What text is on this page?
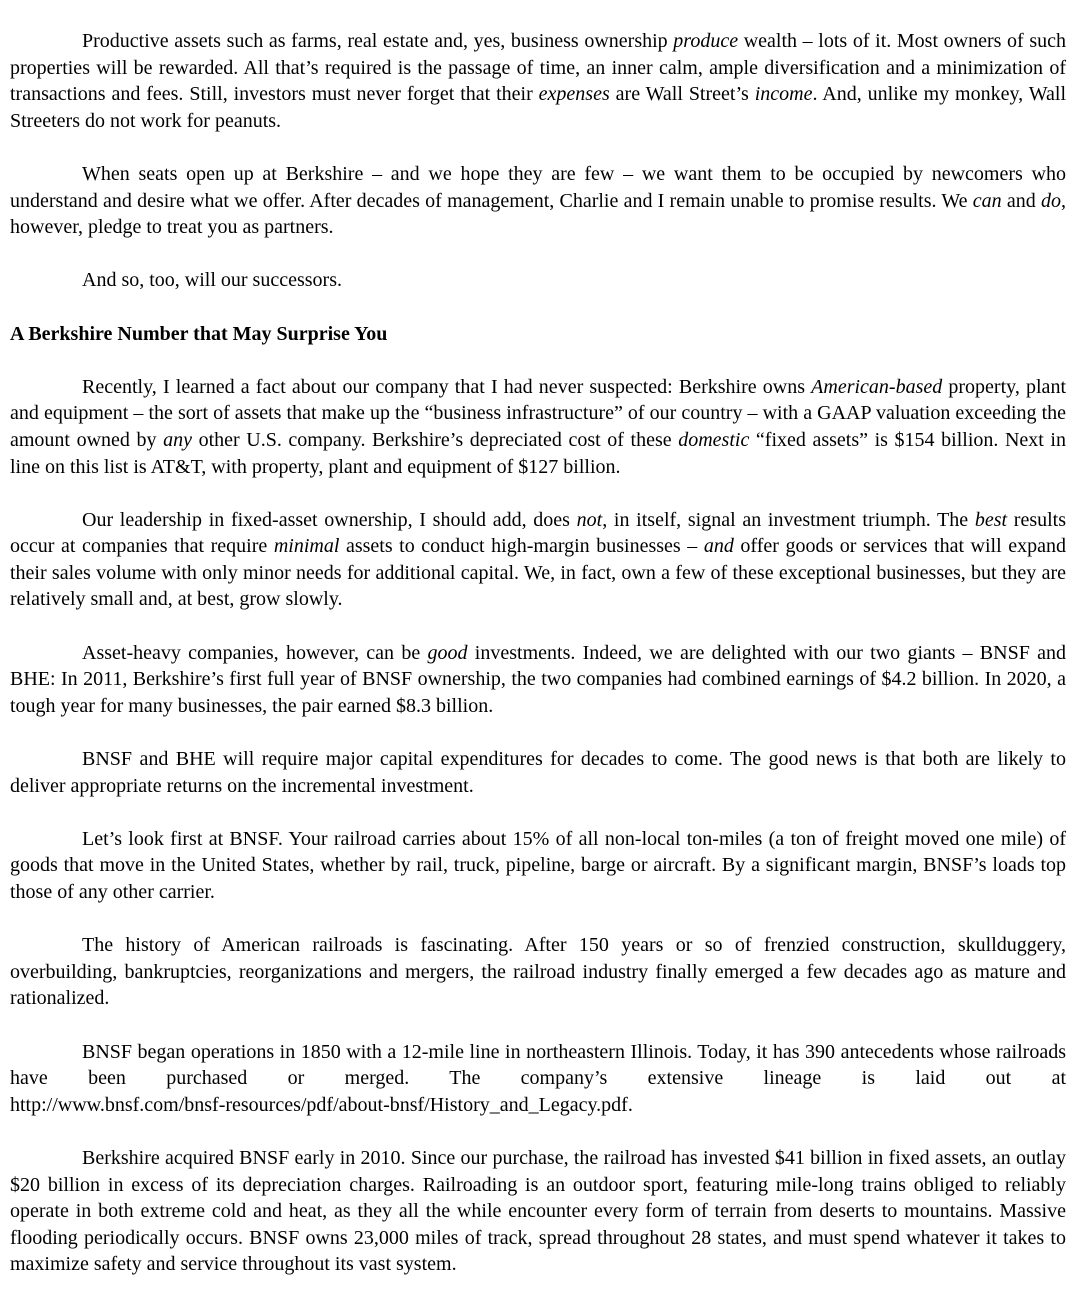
Productive assets such as farms, real estate and, yes, business ownership produce wealth – lots of it. Most owners of such properties will be rewarded. All that’s required is the passage of time, an inner calm, ample diversification and a minimization of transactions and fees. Still, investors must never forget that their expenses are Wall Street’s income. And, unlike my monkey, Wall Streeters do not work for peanuts.

When seats open up at Berkshire – and we hope they are few – we want them to be occupied by newcomers who understand and desire what we offer. After decades of management, Charlie and I remain unable to promise results. We can and do, however, pledge to treat you as partners.

And so, too, will our successors.

A Berkshire Number that May Surprise You

Recently, I learned a fact about our company that I had never suspected: Berkshire owns American-based property, plant and equipment – the sort of assets that make up the “business infrastructure” of our country – with a GAAP valuation exceeding the amount owned by any other U.S. company. Berkshire’s depreciated cost of these domestic “fixed assets” is $154 billion. Next in line on this list is AT&T, with property, plant and equipment of $127 billion.

Our leadership in fixed-asset ownership, I should add, does not, in itself, signal an investment triumph. The best results occur at companies that require minimal assets to conduct high-margin businesses – and offer goods or services that will expand their sales volume with only minor needs for additional capital. We, in fact, own a few of these exceptional businesses, but they are relatively small and, at best, grow slowly.

Asset-heavy companies, however, can be good investments. Indeed, we are delighted with our two giants – BNSF and BHE: In 2011, Berkshire’s first full year of BNSF ownership, the two companies had combined earnings of $4.2 billion. In 2020, a tough year for many businesses, the pair earned $8.3 billion.

BNSF and BHE will require major capital expenditures for decades to come. The good news is that both are likely to deliver appropriate returns on the incremental investment.

Let’s look first at BNSF. Your railroad carries about 15% of all non-local ton-miles (a ton of freight moved one mile) of goods that move in the United States, whether by rail, truck, pipeline, barge or aircraft. By a significant margin, BNSF’s loads top those of any other carrier.

The history of American railroads is fascinating. After 150 years or so of frenzied construction, skullduggery, overbuilding, bankruptcies, reorganizations and mergers, the railroad industry finally emerged a few decades ago as mature and rationalized.

BNSF began operations in 1850 with a 12-mile line in northeastern Illinois. Today, it has 390 antecedents whose railroads have been purchased or merged. The company’s extensive lineage is laid out at http://www.bnsf.com/bnsf-resources/pdf/about-bnsf/History_and_Legacy.pdf.

Berkshire acquired BNSF early in 2010. Since our purchase, the railroad has invested $41 billion in fixed assets, an outlay $20 billion in excess of its depreciation charges. Railroading is an outdoor sport, featuring mile-long trains obliged to reliably operate in both extreme cold and heat, as they all the while encounter every form of terrain from deserts to mountains. Massive flooding periodically occurs. BNSF owns 23,000 miles of track, spread throughout 28 states, and must spend whatever it takes to maximize safety and service throughout its vast system.
